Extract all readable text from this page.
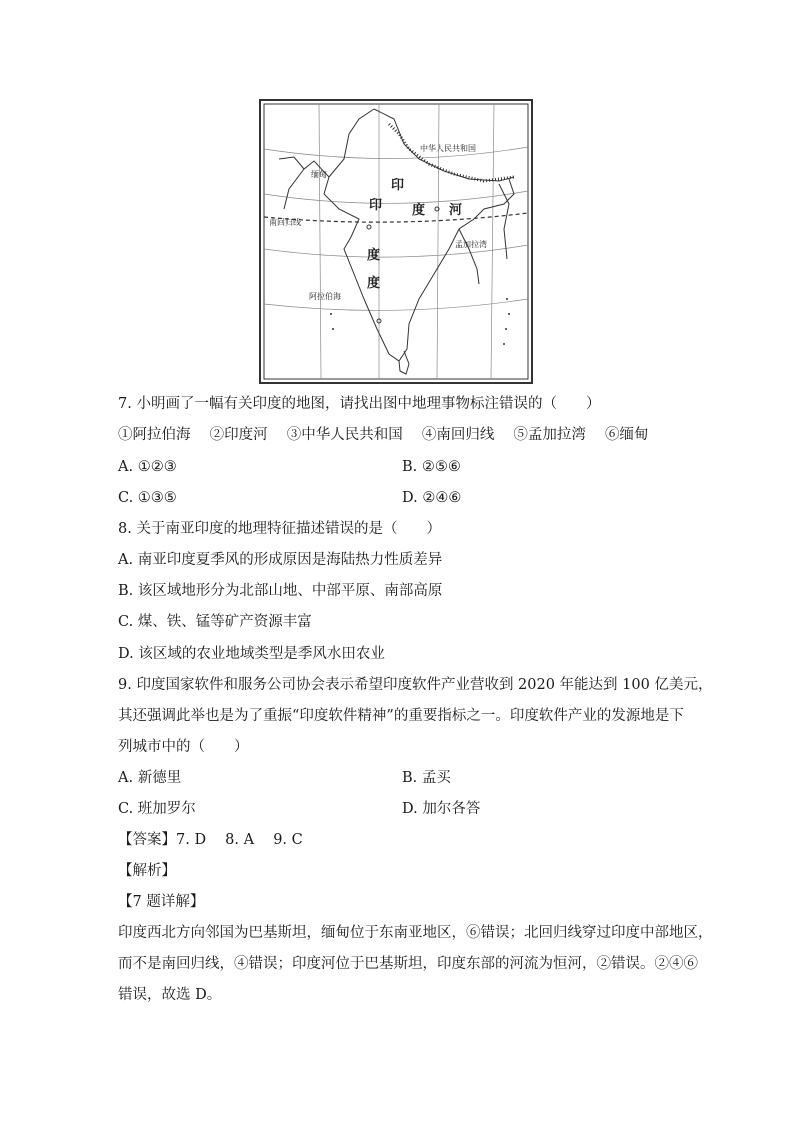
中华人民共和国
缅甸
印
印 度 河
南回归线
度
孟加拉湾
阿拉伯海
度
7. 小明画了一幅有关印度的地图，请找出图中地理事物标注错误的（　　）
①阿拉伯海　 ②印度河　 ③中华人民共和国　 ④南回归线　 ⑤孟加拉湾　 ⑥缅甸
A. ①②③	B. ②⑤⑥
C. ①③⑤	D. ②④⑥
8. 关于南亚印度的地理特征描述错误的是（　　）
A. 南亚印度夏季风的形成原因是海陆热力性质差异
B. 该区域地形分为北部山地、中部平原、南部高原
C. 煤、铁、锰等矿产资源丰富
D. 该区域的农业地域类型是季风水田农业
9. 印度国家软件和服务公司协会表示希望印度软件产业营收到 2020 年能达到 100 亿美元，
其还强调此举也是为了重振“印度软件精神”的重要指标之一。印度软件产业的发源地是下
列城市中的（　　）
A. 新德里	B. 孟买
C. 班加罗尔	D. 加尔各答
【答案】7. D　 8. A　 9. C
【解析】
【7 题详解】
印度西北方向邻国为巴基斯坦，缅甸位于东南亚地区，⑥错误；北回归线穿过印度中部地区，
而不是南回归线，④错误；印度河位于巴基斯坦，印度东部的河流为恒河，②错误。②④⑥
错误，故选 D。
